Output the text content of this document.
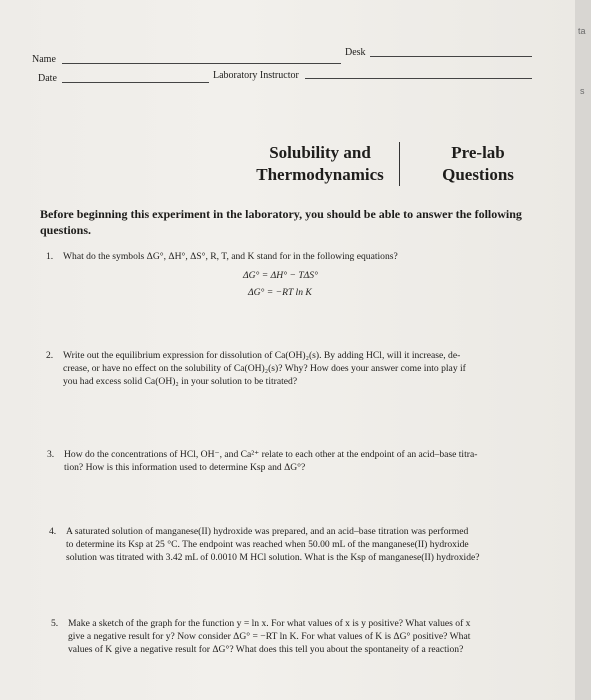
Name
Desk
Date	Laboratory Instructor
Solubility and
Thermodynamics
Pre-lab
Questions
Before beginning this experiment in the laboratory, you should be able to answer the following questions.
1. What do the symbols ΔG°, ΔH°, ΔS°, R, T, and K stand for in the following equations?
ΔG° = ΔH° − TΔS°
ΔG° = −RT ln K
2. Write out the equilibrium expression for dissolution of Ca(OH)₂(s). By adding HCl, will it increase, de-
crease, or have no effect on the solubility of Ca(OH)₂(s)? Why? How does your answer come into play if
you had excess solid Ca(OH)₂ in your solution to be titrated?
3. How do the concentrations of HCl, OH⁻, and Ca²⁺ relate to each other at the endpoint of an acid–base titra-
tion? How is this information used to determine Ksp and ΔG°?
4. A saturated solution of manganese(II) hydroxide was prepared, and an acid–base titration was performed
to determine its Ksp at 25 °C. The endpoint was reached when 50.00 mL of the manganese(II) hydroxide
solution was titrated with 3.42 mL of 0.0010 M HCl solution. What is the Ksp of manganese(II) hydroxide?
5. Make a sketch of the graph for the function y = ln x. For what values of x is y positive? What values of x
give a negative result for y? Now consider ΔG° = −RT ln K. For what values of K is ΔG° positive? What
values of K give a negative result for ΔG°? What does this tell you about the spontaneity of a reaction?
ta
s
